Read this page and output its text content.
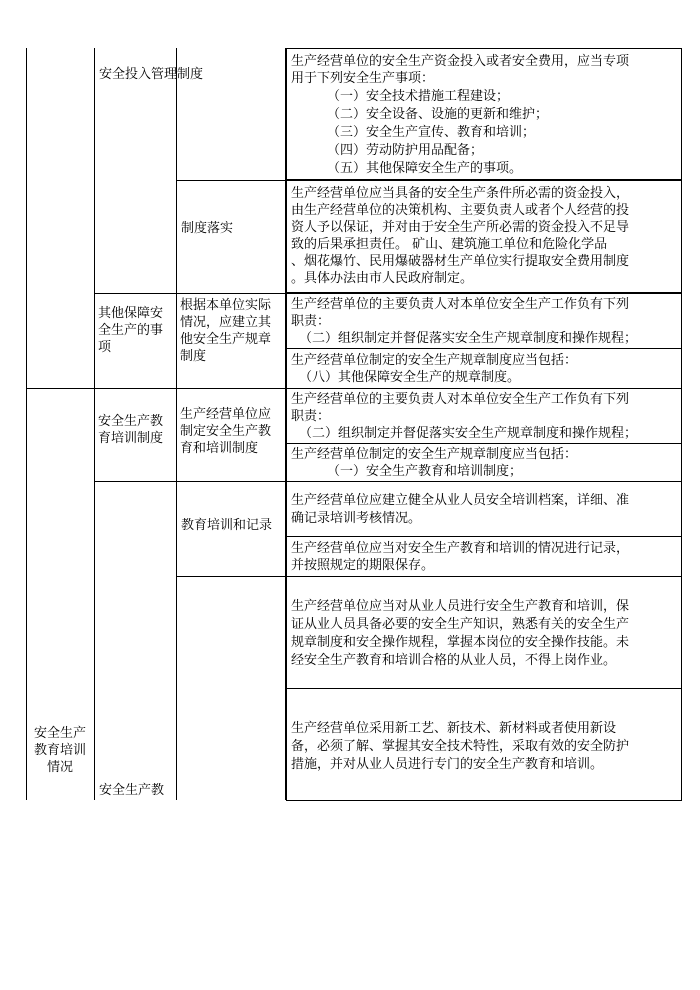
安全投入管理制度
生产经营单位的安全生产资金投入或者安全费用，应当专项
用于下列安全生产事项：
（一）安全技术措施工程建设；
（二）安全设备、设施的更新和维护；
（三）安全生产宣传、教育和培训；
（四）劳动防护用品配备；
（五）其他保障安全生产的事项。
制度落实
生产经营单位应当具备的安全生产条件所必需的资金投入，
由生产经营单位的决策机构、主要负责人或者个人经营的投
资人予以保证，并对由于安全生产所必需的资金投入不足导
致的后果承担责任。 矿山、建筑施工单位和危险化学品
、烟花爆竹、民用爆破器材生产单位实行提取安全费用制度
。具体办法由市人民政府制定。
其他保障安全生产的事项
根据本单位实际情况，应建立其他安全生产规章制度
生产经营单位的主要负责人对本单位安全生产工作负有下列
职责：
（二）组织制定并督促落实安全生产规章制度和操作规程；
生产经营单位制定的安全生产规章制度应当包括：
（八）其他保障安全生产的规章制度。
安全生产教育培训制度
生产经营单位应制定安全生产教育和培训制度
生产经营单位的主要负责人对本单位安全生产工作负有下列
职责：
（二）组织制定并督促落实安全生产规章制度和操作规程；
生产经营单位制定的安全生产规章制度应当包括：
（一）安全生产教育和培训制度；
教育培训和记录
生产经营单位应建立健全从业人员安全培训档案，详细、准
确记录培训考核情况。
生产经营单位应当对安全生产教育和培训的情况进行记录，
并按照规定的期限保存。
生产经营单位应当对从业人员进行安全生产教育和培训，保
证从业人员具备必要的安全生产知识，熟悉有关的安全生产
规章制度和安全操作规程，掌握本岗位的安全操作技能。未
经安全生产教育和培训合格的从业人员，不得上岗作业。
生产经营单位采用新工艺、新技术、新材料或者使用新设
备，必须了解、掌握其安全技术特性，采取有效的安全防护
措施，并对从业人员进行专门的安全生产教育和培训。
安全生产教
安全生产教育培训情况
